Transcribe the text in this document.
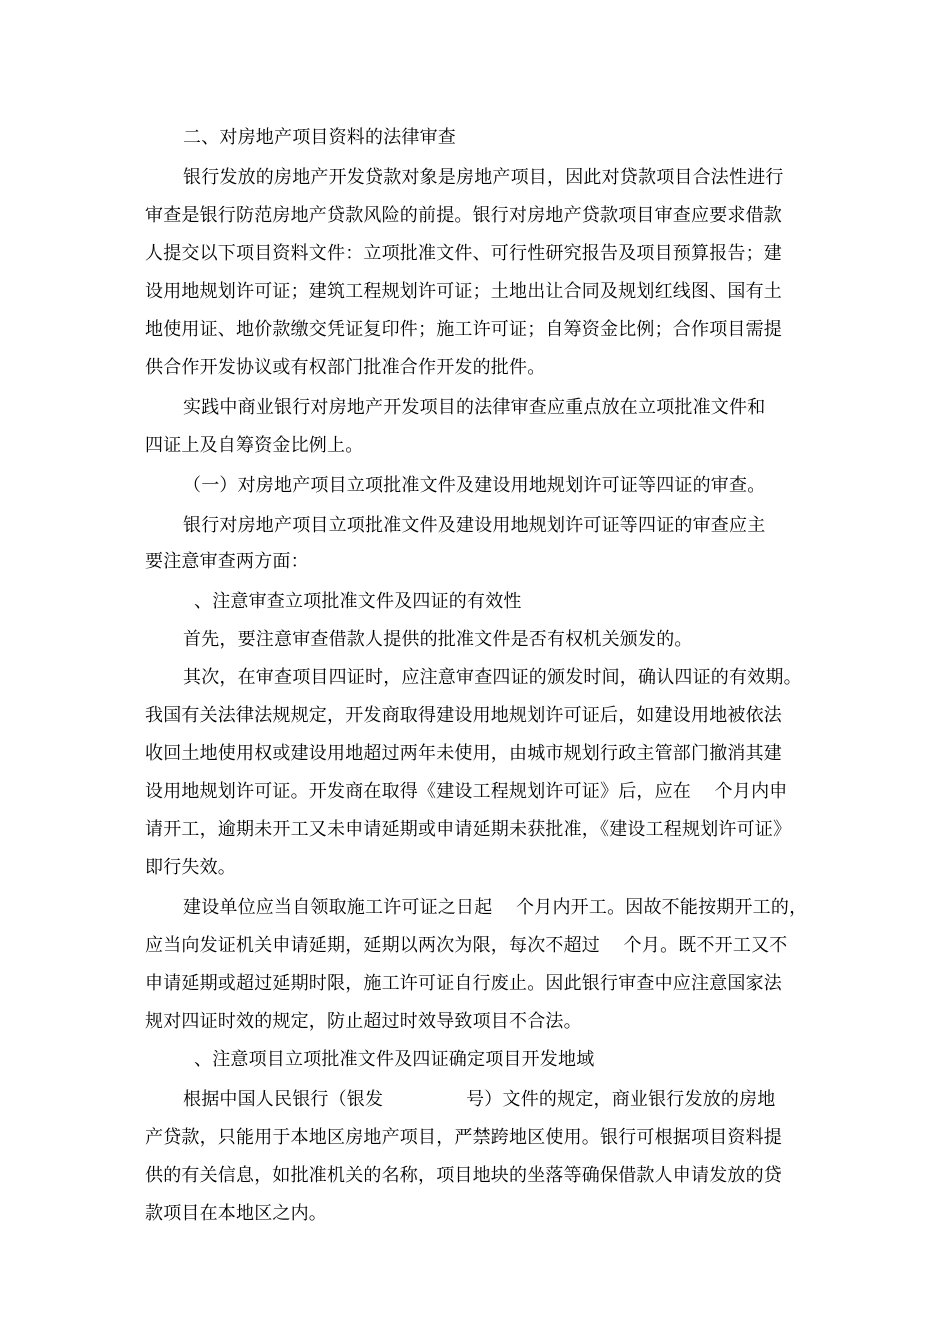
二、对房地产项目资料的法律审查
银行发放的房地产开发贷款对象是房地产项目，因此对贷款项目合法性进行
审查是银行防范房地产贷款风险的前提。银行对房地产贷款项目审查应要求借款
人提交以下项目资料文件：立项批准文件、可行性研究报告及项目预算报告；建
设用地规划许可证；建筑工程规划许可证；土地出让合同及规划红线图、国有土
地使用证、地价款缴交凭证复印件；施工许可证；自筹资金比例；合作项目需提
供合作开发协议或有权部门批准合作开发的批件。
实践中商业银行对房地产开发项目的法律审查应重点放在立项批准文件和
四证上及自筹资金比例上。
（一）对房地产项目立项批准文件及建设用地规划许可证等四证的审查。
银行对房地产项目立项批准文件及建设用地规划许可证等四证的审查应主
要注意审查两方面：
、注意审查立项批准文件及四证的有效性
首先，要注意审查借款人提供的批准文件是否有权机关颁发的。
其次，在审查项目四证时，应注意审查四证的颁发时间，确认四证的有效期。
我国有关法律法规规定，开发商取得建设用地规划许可证后，如建设用地被依法
收回土地使用权或建设用地超过两年未使用，由城市规划行政主管部门撤消其建
设用地规划许可证。开发商在取得《建设工程规划许可证》后，应在    个月内申
请开工，逾期未开工又未申请延期或申请延期未获批准，《建设工程规划许可证》
即行失效。
建设单位应当自领取施工许可证之日起    个月内开工。因故不能按期开工的，
应当向发证机关申请延期，延期以两次为限，每次不超过    个月。既不开工又不
申请延期或超过延期时限，施工许可证自行废止。因此银行审查中应注意国家法
规对四证时效的规定，防止超过时效导致项目不合法。
、注意项目立项批准文件及四证确定项目开发地域
根据中国人民银行（银发              号）文件的规定，商业银行发放的房地
产贷款，只能用于本地区房地产项目，严禁跨地区使用。银行可根据项目资料提
供的有关信息，如批准机关的名称，项目地块的坐落等确保借款人申请发放的贷
款项目在本地区之内。
